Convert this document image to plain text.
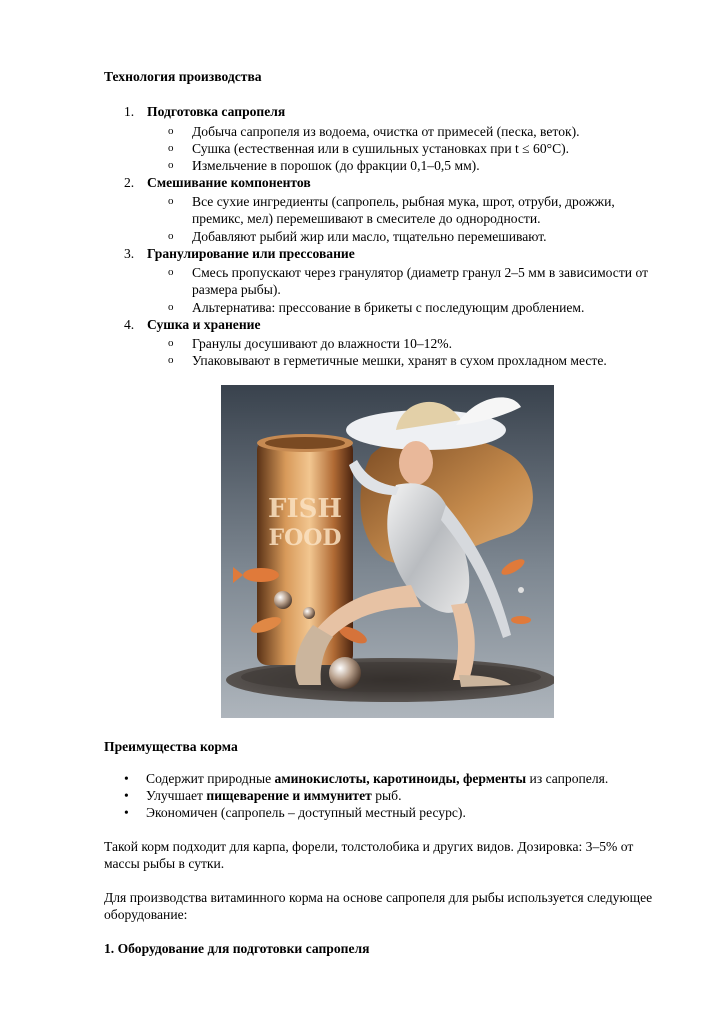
Технология производства
1. Подготовка сапропеля
o Добыча сапропеля из водоема, очистка от примесей (песка, веток).
o Сушка (естественная или в сушильных установках при t ≤ 60°C).
o Измельчение в порошок (до фракции 0,1–0,5 мм).
2. Смешивание компонентов
o Все сухие ингредиенты (сапропель, рыбная мука, шрот, отруби, дрожжи, премикс, мел) перемешивают в смесителе до однородности.
o Добавляют рыбий жир или масло, тщательно перемешивают.
3. Гранулирование или прессование
o Смесь пропускают через гранулятор (диаметр гранул 2–5 мм в зависимости от размера рыбы).
o Альтернатива: прессование в брикеты с последующим дроблением.
4. Сушка и хранение
o Гранулы досушивают до влажности 10–12%.
o Упаковывают в герметичные мешки, хранят в сухом прохладном месте.
FISH
FOOD
Преимущества корма
• Содержит природные аминокислоты, каротиноиды, ферменты из сапропеля.
• Улучшает пищеварение и иммунитет рыб.
• Экономичен (сапропель – доступный местный ресурс).
Такой корм подходит для карпа, форели, толстолобика и других видов. Дозировка: 3–5% от массы рыбы в сутки.
Для производства витаминного корма на основе сапропеля для рыбы используется следующее оборудование:
1. Оборудование для подготовки сапропеля
